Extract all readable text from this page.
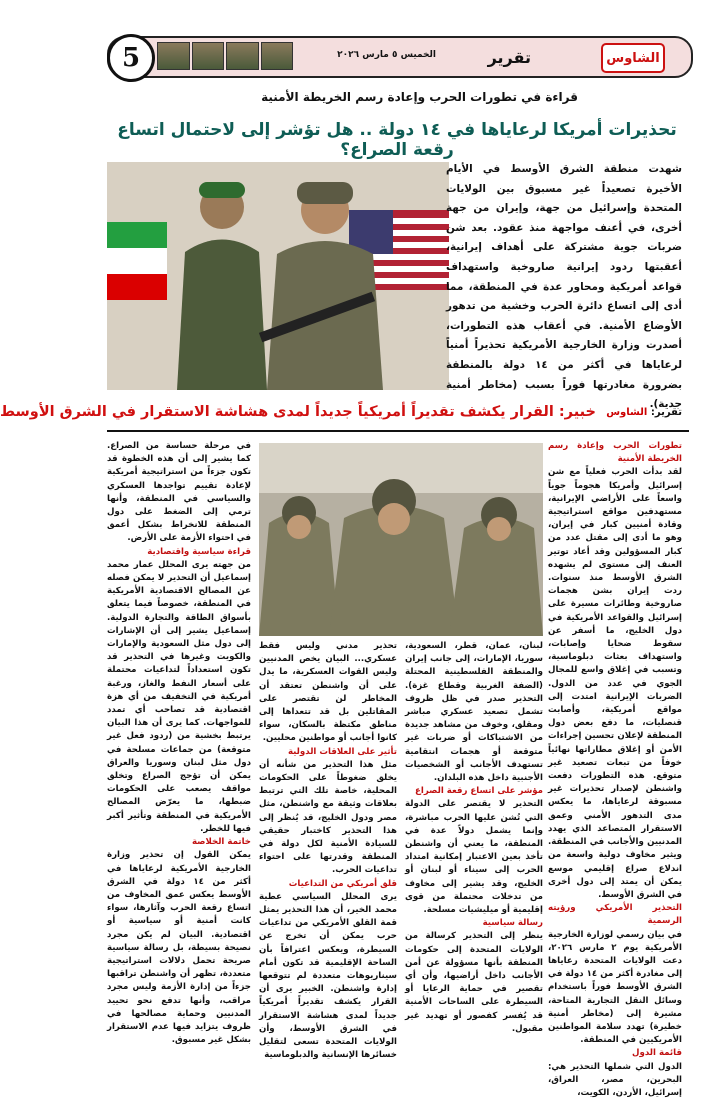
الشاوس
تقرير
الخميس ٥ مارس ٢٠٢٦
5
قراءة في تطورات الحرب وإعادة رسم الخريطة الأمنية
تحذيرات أمريكا لرعاياها في ١٤ دولة .. هل تؤشر إلى لاحتمال اتساع رقعة الصراع؟
شهدت منطقة الشرق الأوسط في الأيام الأخيرة تصعيداً غير مسبوق بين الولايات المتحدة وإسرائيل من جهة، وإيران من جهة أخرى، في أعنف مواجهة منذ عقود. بعد شن ضربات جوية مشتركة على أهداف إيرانية، أعقبتها ردود إيرانية صاروخية واستهداف قواعد أمريكية ومحاور عدة في المنطقة، مما أدى إلى اتساع دائرة الحرب وخشية من تدهور الأوضاع الأمنية. في أعقاب هذه التطورات، أصدرت وزارة الخارجية الأمريكية تحذيراً أمنياً لرعاياها في أكثر من ١٤ دولة بالمنطقة بضرورة مغادرتها فوراً بسبب (مخاطر أمنية جدية).
تقرير: الشاوس
خبير: القرار يكشف تقديراً أمريكياً جديداً لمدى هشاشة الاستقرار في الشرق الأوسط

تطورات الحرب وإعادة رسم الخريطة الأمنية

لقد بدأت الحرب فعلياً مع شن إسرائيل وأمريكا هجوماً جوياً واسعاً على الأراضي الإيرانية، مستهدفين مواقع استراتيجية وقادة أمنيين كبار في إيران، وهو ما أدى إلى مقتل عدد من كبار المسؤولين وقد أعاد توتير العنف إلى مستوى لم يشهده الشرق الأوسط منذ سنوات. ردت إيران بشن هجمات صاروخية وطائرات مسيرة على إسرائيل والقواعد الأمريكية في دول الخليج، ما أسفر عن سقوط ضحايا وإصابات، واستهداف بعثات دبلوماسية، وتسبب في إغلاق واسع للمجال الجوي في عدد من الدول. الضربات الإيرانية امتدت إلى مواقع أمريكية، وأصابت قنصليات، ما دفع بعض دول المنطقة لإعلان تحسين إجراءات الأمن أو إغلاق مطاراتها نهائياً خوفاً من تبعات تصعيد غير متوقع. هذه التطورات دفعت واشنطن لإصدار تحذيرات غير مسبوقة لرعاياها، ما يعكس مدى التدهور الأمني وعمق الاستقرار المتصاعد الذي يهدد المدنيين والأجانب في المنطقة. ويثير مخاوف دولية واسعة من اندلاع صراع إقليمي موسع يمكن أن يمتد إلى دول أخرى في الشرق الأوسط.

التحذير الأمريكي ورؤيته الرسمية

في بيان رسمي لوزارة الخارجية الأمريكية يوم ٢ مارس ٢٠٢٦، دعت الولايات المتحدة رعاياها إلى مغادرة أكثر من ١٤ دولة في الشرق الأوسط فوراً باستخدام وسائل النقل التجارية المتاحة، مشيرة إلى (مخاطر أمنية خطيرة) تهدد سلامة المواطنين الأمريكيين في المنطقة.

قائمة الدول

الدول التي شملها التحذير هي: البحرين، مصر، العراق، إسرائيل، الأردن، الكويت،

لبنان، عمان، قطر، السعودية، سوريا، الإمارات، إلى جانب إيران والمنطقة الفلسطينية المحتلة (الضفة الغربية وقطاع غزة). التحذير صدر في ظل ظروف تشمل تصعيد عسكري مباشر ومقلق، وخوف من مشاهد جديدة من الاشتباكات أو ضربات غير متوقعة أو هجمات انتقامية تستهدف الأجانب أو الشخصيات الأجنبية داخل هذه البلدان.

مؤشر على اتساع رقعة الصراع

التحذير لا يقتصر على الدولة التي تُشن عليها الحرب مباشرة، وإنما يشمل دولاً عدة في المنطقة، ما يعني أن واشنطن تأخذ بعين الاعتبار إمكانية امتداد الحرب إلى سيناء أو لبنان أو الخليج، وقد يشير إلى مخاوف من تدخلات محتملة من قوى إقليمية أو ميليشيات مسلحة.

رسالة سياسية

ينظر إلى التحذير كرسالة من الولايات المتحدة إلى حكومات المنطقة بأنها مسؤولة عن أمن الأجانب داخل أراضيها، وأن أي تقصير في حماية الرعايا أو السيطرة على الساحات الأمنية قد يُفسر كفصور أو تهديد غير مقبول.

تحذير مدني وليس فقط عسكري... البيان يخص المدنيين وليس القوات العسكرية، ما يدل على أن واشنطن تعتقد أن المخاطر لن تقتصر على المقاتلين بل قد تتعداها إلى مناطق مكتظة بالسكان، سواء كانوا أجانب أو مواطنين محليين.

تأثير على العلاقات الدولية

مثل هذا التحذير من شأنه أن يخلق ضغوطاً على الحكومات المحلية، خاصة تلك التي ترتبط بعلاقات وثيقة مع واشنطن، مثل مصر ودول الخليج، قد يُنظر إلى هذا التحذير كاختبار حقيقي للسيادة الأمنية لكل دولة في المنطقة وقدرتها على احتواء تداعيات الحرب.

قلق أمريكي من التداعيات

يرى المحلل السياسي عطية محمد الخير، أن هذا التحذير يمثل قمة القلق الأمريكي من تداعيات حرب يمكن أن تخرج عن السيطرة، ويعكس اعترافاً بأن الساحة الإقليمية قد تكون أمام سيناريوهات متعددة لم تتوقعها إدارة واشنطن. الخبير يرى أن القرار يكشف تقديراً أمريكياً جديداً لمدى هشاشة الاستقرار في الشرق الأوسط، وأن الولايات المتحدة تسعى لتقليل خسائرها الإنسانية والدبلوماسية

في مرحلة حساسة من الصراع. كما يشير إلى أن هذه الخطوة قد تكون جزءاً من استراتيجية أمريكية لإعادة تقييم تواجدها العسكري والسياسي في المنطقة، وأنها ترمي إلى الضغط على دول المنطقة للانخراط بشكل أعمق في احتواء الأزمة على الأرض.

قراءة سياسية واقتصادية

من جهته يرى المحلل عمار محمد إسماعيل أن التحذير لا يمكن فصله عن المصالح الاقتصادية الأمريكية في المنطقة، خصوصاً فيما يتعلق بأسواق الطاقة والتجارة الدولية. إسماعيل يشير إلى أن الإشارات إلى دول مثل السعودية والإمارات والكويت وغيرها في التحذير قد تكون استعداداً لتداعيات محتملة على أسعار النفط والغاز، ورغبة أمريكية في التخفيف من أي هزة اقتصادية قد تصاحب أي تمدد للمواجهات. كما يرى أن هذا البيان يرتبط بخشية من (ردود فعل غير متوقعة) من جماعات مسلحة في دول مثل لبنان وسوريا والعراق يمكن أن تؤجج الصراع وتخلق مواقف يصعب على الحكومات ضبطها، ما يعرّض المصالح الأمريكية في المنطقة وتأثير أكبر فيها للخطر.

خاتمة الخلاصة

يمكن القول إن تحذير وزارة الخارجية الأمريكية لرعاياها في أكثر من ١٤ دولة في الشرق الأوسط يعكس عمق المخاوف من اتساع رقعة الحرب وآثارها، سواء كانت أمنية أو سياسية أو اقتصادية. البيان لم يكن مجرد نصيحة بسيطة، بل رسالة سياسية صريحة تحمل دلالات استراتيجية متعددة، تظهر أن واشنطن تراقبها جزءاً من إدارة الأزمة وليس مجرد مراقب، وأنها تدفع نحو تحييد المدنيين وحماية مصالحها في ظروف يتزايد فيها عدم الاستقرار بشكل غير مسبوق.
